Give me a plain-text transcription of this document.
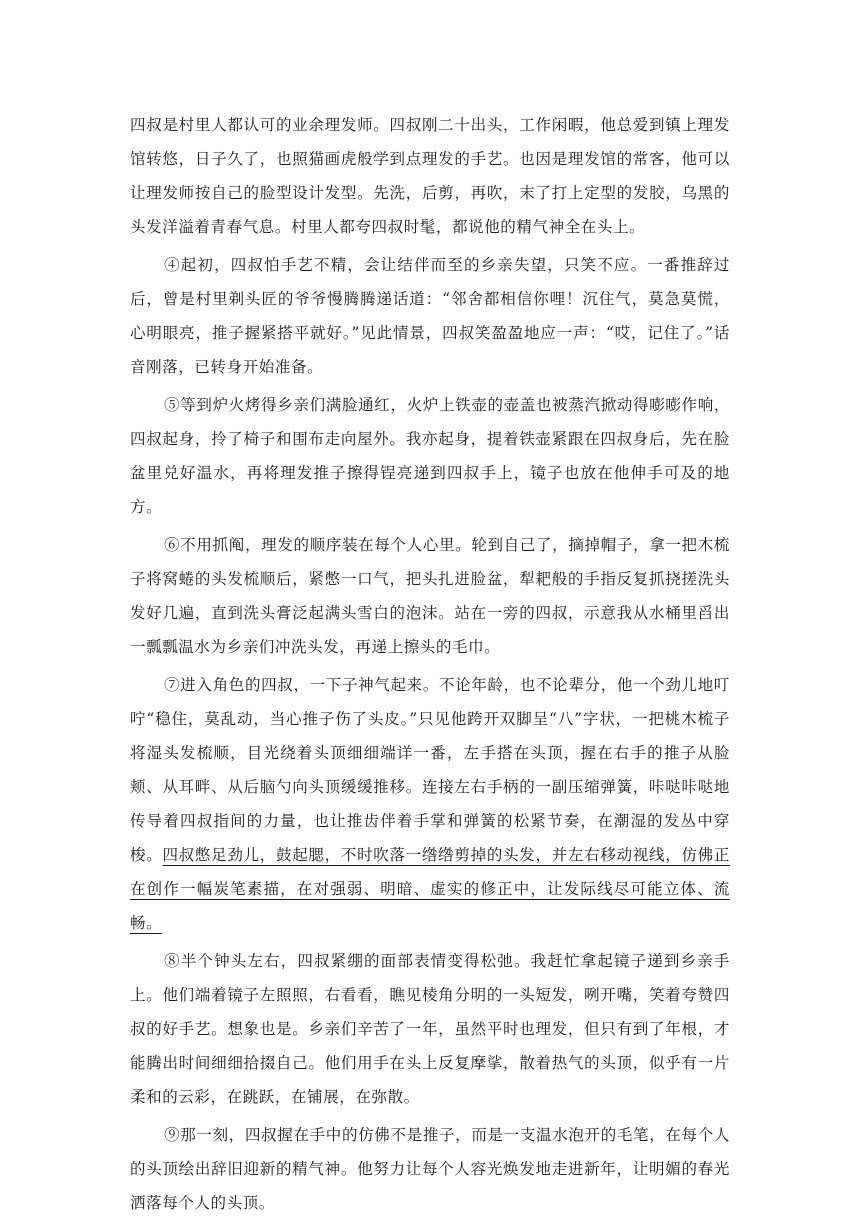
四叔是村里人都认可的业余理发师。四叔刚二十出头，工作闲暇，他总爱到镇上理发馆转悠，日子久了，也照猫画虎般学到点理发的手艺。也因是理发馆的常客，他可以让理发师按自己的脸型设计发型。先洗，后剪，再吹，末了打上定型的发胶，乌黑的头发洋溢着青春气息。村里人都夸四叔时髦，都说他的精气神全在头上。

④起初，四叔怕手艺不精，会让结伴而至的乡亲失望，只笑不应。一番推辞过后，曾是村里剃头匠的爷爷慢腾腾递话道：“邻舍都相信你哩！沉住气，莫急莫慌，心明眼亮，推子握紧搭平就好。”见此情景，四叔笑盈盈地应一声：“哎，记住了。”话音刚落，已转身开始准备。

⑤等到炉火烤得乡亲们满脸通红，火炉上铁壶的壶盖也被蒸汽掀动得嘭嘭作响，四叔起身，拎了椅子和围布走向屋外。我亦起身，提着铁壶紧跟在四叔身后，先在脸盆里兑好温水，再将理发推子擦得锃亮递到四叔手上，镜子也放在他伸手可及的地方。

⑥不用抓阄，理发的顺序装在每个人心里。轮到自己了，摘掉帽子，拿一把木梳子将窝蜷的头发梳顺后，紧憋一口气，把头扎进脸盆，犁耙般的手指反复抓挠搓洗头发好几遍，直到洗头膏泛起满头雪白的泡沫。站在一旁的四叔，示意我从水桶里舀出一瓢瓢温水为乡亲们冲洗头发，再递上擦头的毛巾。

⑦进入角色的四叔，一下子神气起来。不论年龄，也不论辈分，他一个劲儿地叮咛“稳住，莫乱动，当心推子伤了头皮。”只见他跨开双脚呈“八”字状，一把桃木梳子将湿头发梳顺，目光绕着头顶细细端详一番，左手搭在头顶，握在右手的推子从脸颊、从耳畔、从后脑勺向头顶缓缓推移。连接左右手柄的一副压缩弹簧，咔哒咔哒地传导着四叔指间的力量，也让推齿伴着手掌和弹簧的松紧节奏，在潮湿的发丛中穿梭。四叔憋足劲儿，鼓起腮，不时吹落一绺绺剪掉的头发，并左右移动视线，仿佛正在创作一幅炭笔素描，在对强弱、明暗、虚实的修正中，让发际线尽可能立体、流畅。

⑧半个钟头左右，四叔紧绷的面部表情变得松弛。我赶忙拿起镜子递到乡亲手上。他们端着镜子左照照，右看看，瞧见棱角分明的一头短发，咧开嘴，笑着夸赞四叔的好手艺。想象也是。乡亲们辛苦了一年，虽然平时也理发，但只有到了年根，才能腾出时间细细拾掇自己。他们用手在头上反复摩挲，散着热气的头顶，似乎有一片柔和的云彩，在跳跃，在铺展，在弥散。

⑨那一刻，四叔握在手中的仿佛不是推子，而是一支温水泡开的毛笔，在每个人的头顶绘出辞旧迎新的精气神。他努力让每个人容光焕发地走进新年，让明媚的春光洒落每个人的头顶。
